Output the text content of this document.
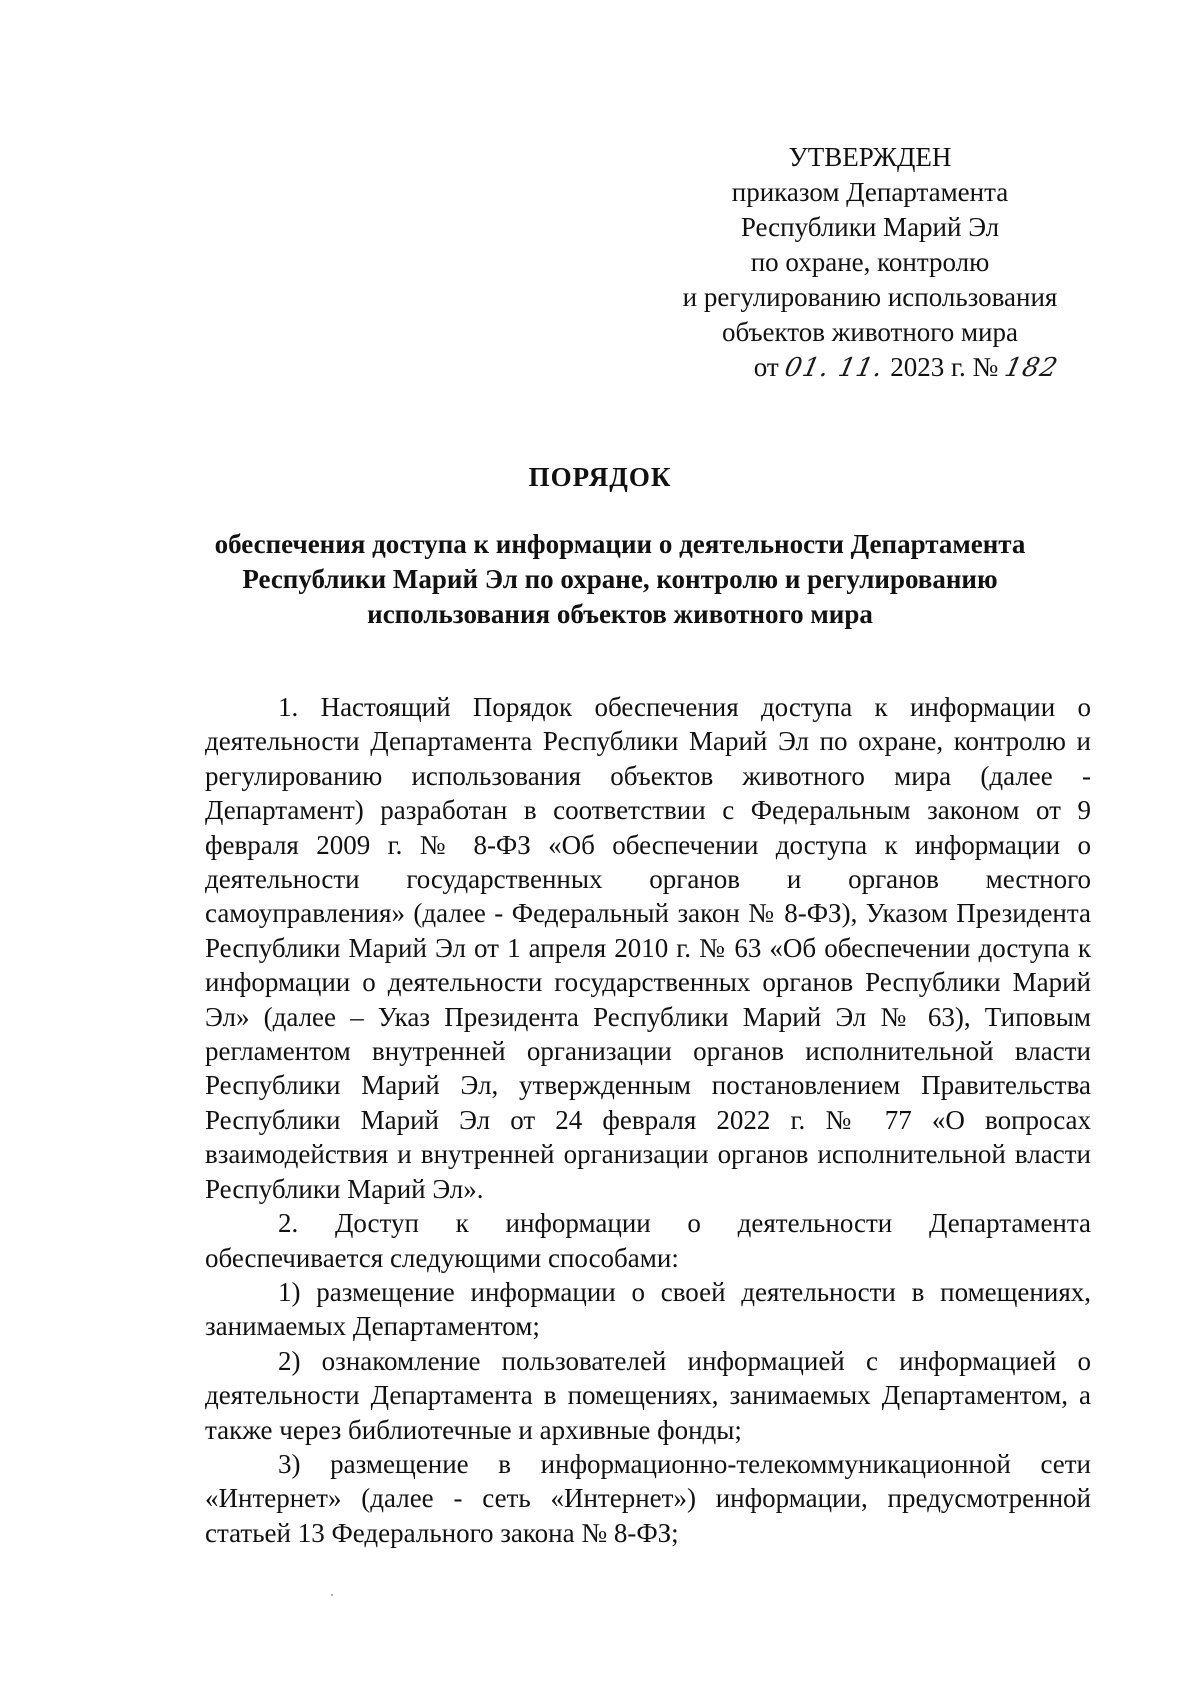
УТВЕРЖДЕН
приказом Департамента
Республики Марий Эл
по охране, контролю
и регулированию использования
объектов животного мира
от 01. 11. 2023 г. № 182
ПОРЯДОК
обеспечения доступа к информации о деятельности Департамента
Республики Марий Эл по охране, контролю и регулированию
использования объектов животного мира

1. Настоящий Порядок обеспечения доступа к информации о деятельности Департамента Республики Марий Эл по охране, контролю и регулированию использования объектов животного мира (далее - Департамент) разработан в соответствии с Федеральным законом от 9 февраля 2009 г. № 8-ФЗ «Об обеспечении доступа к информации о деятельности государственных органов и органов местного самоуправления» (далее - Федеральный закон № 8-ФЗ), Указом Президента Республики Марий Эл от 1 апреля 2010 г. № 63 «Об обеспечении доступа к информации о деятельности государственных органов Республики Марий Эл» (далее – Указ Президента Республики Марий Эл № 63), Типовым регламентом внутренней организации органов исполнительной власти Республики Марий Эл, утвержденным постановлением Правительства Республики Марий Эл от 24 февраля 2022 г. № 77 «О вопросах взаимодействия и внутренней организации органов исполнительной власти Республики Марий Эл».

2. Доступ к информации о деятельности Департамента обеспечивается следующими способами:

1) размещение информации о своей деятельности в помещениях, занимаемых Департаментом;

2) ознакомление пользователей информацией с информацией о деятельности Департамента в помещениях, занимаемых Департаментом, а также через библиотечные и архивные фонды;

3) размещение в информационно-телекоммуникационной сети «Интернет» (далее - сеть «Интернет») информации, предусмотренной статьей 13 Федерального закона № 8-ФЗ;
